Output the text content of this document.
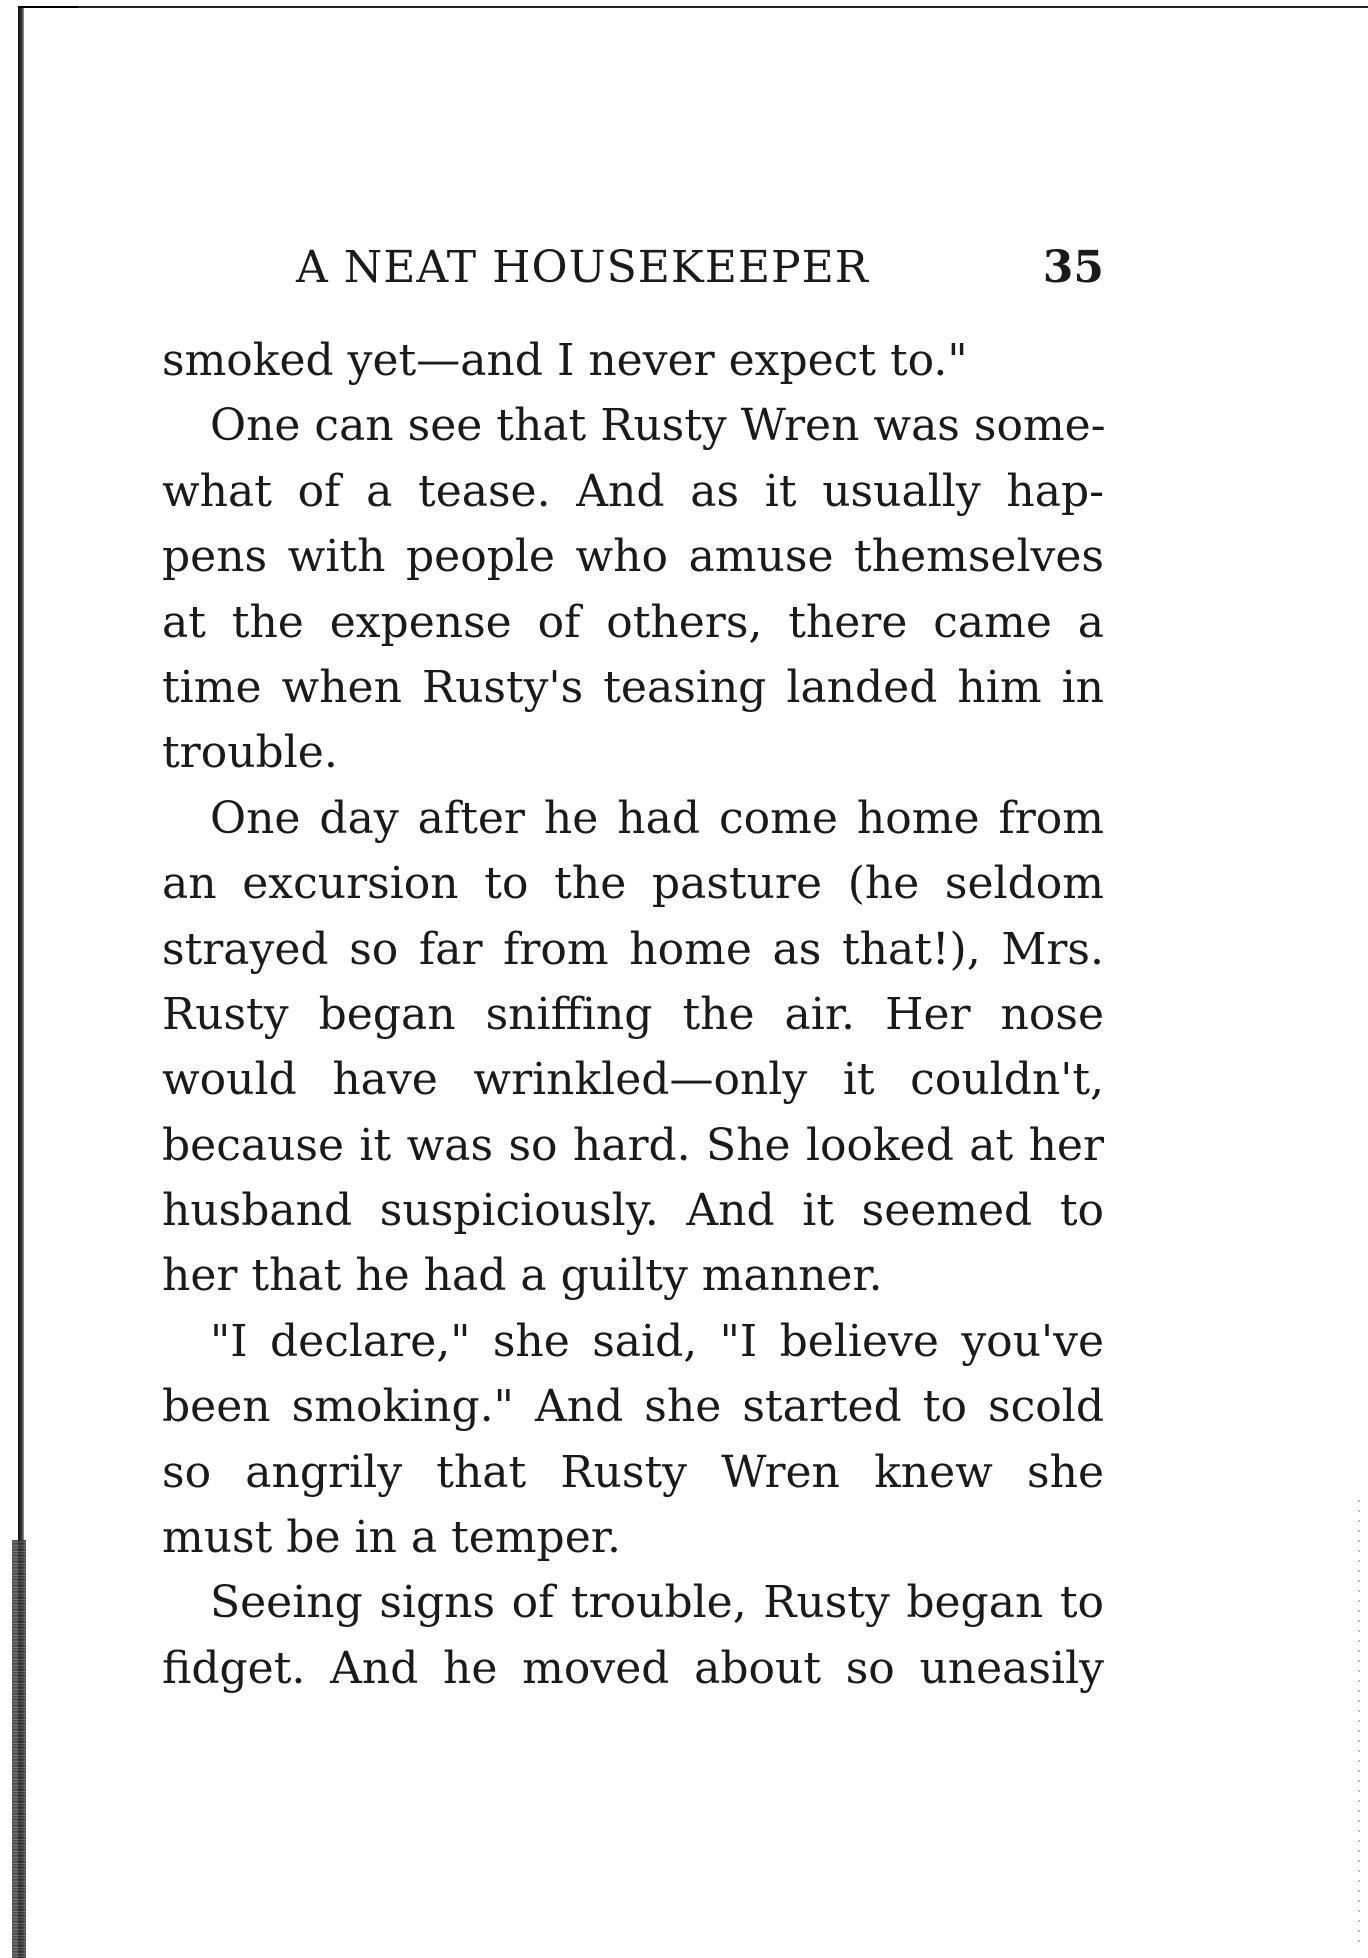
A NEAT HOUSEKEEPER	35
smoked yet—and I never expect to."
One can see that Rusty Wren was some-
what of a tease. And as it usually hap-
pens with people who amuse themselves
at the expense of others, there came a
time when Rusty's teasing landed him in
trouble.
One day after he had come home from
an excursion to the pasture (he seldom
strayed so far from home as that!), Mrs.
Rusty began sniffing the air. Her nose
would have wrinkled—only it couldn't,
because it was so hard. She looked at her
husband suspiciously. And it seemed to
her that he had a guilty manner.
"I declare," she said, "I believe you've
been smoking." And she started to scold
so angrily that Rusty Wren knew she
must be in a temper.
Seeing signs of trouble, Rusty began to
fidget. And he moved about so uneasily
